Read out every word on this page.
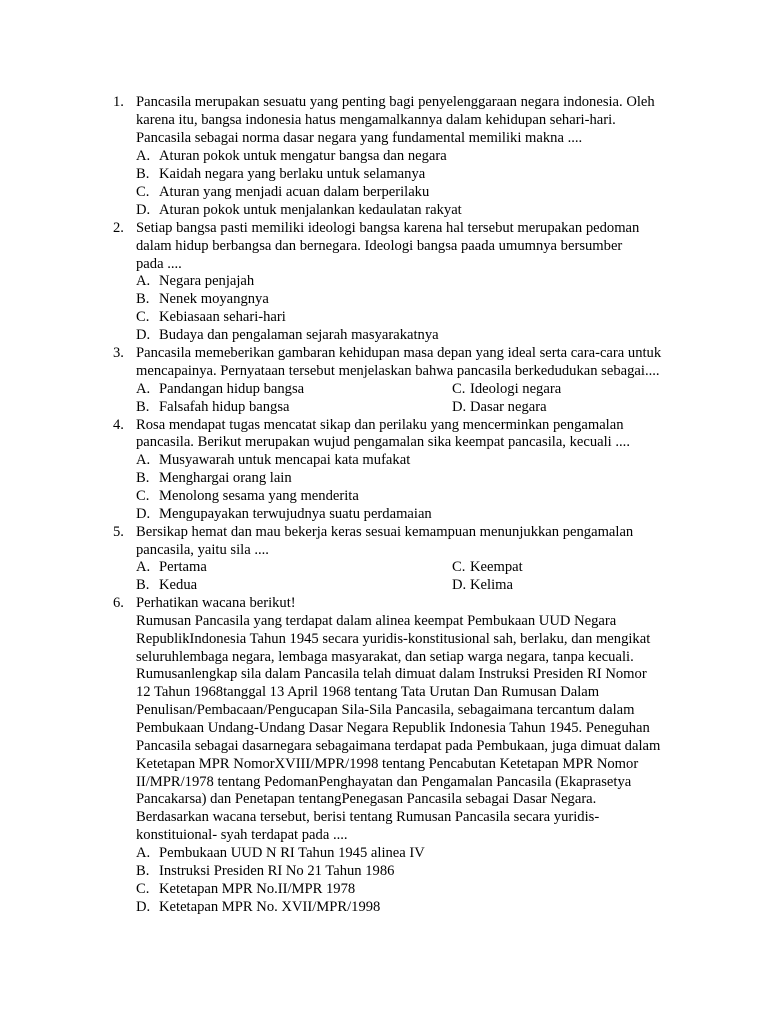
1. Pancasila merupakan sesuatu yang penting bagi penyelenggaraan negara indonesia. Oleh
karena itu, bangsa indonesia hatus mengamalkannya dalam kehidupan sehari-hari.
Pancasila sebagai norma dasar negara yang fundamental memiliki makna ....
A. Aturan pokok untuk mengatur bangsa dan negara
B. Kaidah negara yang berlaku untuk selamanya
C. Aturan yang menjadi acuan dalam berperilaku
D. Aturan pokok untuk menjalankan kedaulatan rakyat
2. Setiap bangsa pasti memiliki ideologi bangsa karena hal tersebut merupakan pedoman
dalam hidup berbangsa dan bernegara. Ideologi bangsa paada umumnya bersumber
pada ....
A. Negara penjajah
B. Nenek moyangnya
C. Kebiasaan sehari-hari
D. Budaya dan pengalaman sejarah masyarakatnya
3. Pancasila memeberikan gambaran kehidupan masa depan yang ideal serta cara-cara untuk
mencapainya. Pernyataan tersebut menjelaskan bahwa pancasila berkedudukan sebagai....
A. Pandangan hidup bangsa	C. Ideologi negara
B. Falsafah hidup bangsa	D. Dasar negara
4. Rosa mendapat tugas mencatat sikap dan perilaku yang mencerminkan pengamalan
pancasila. Berikut merupakan wujud pengamalan sika keempat pancasila, kecuali ....
A. Musyawarah untuk mencapai kata mufakat
B. Menghargai orang lain
C. Menolong sesama yang menderita
D. Mengupayakan terwujudnya suatu perdamaian
5. Bersikap hemat dan mau bekerja keras sesuai kemampuan menunjukkan pengamalan
pancasila, yaitu sila ....
A. Pertama	C. Keempat
B. Kedua	D. Kelima
6. Perhatikan wacana berikut!
Rumusan Pancasila yang terdapat dalam alinea keempat Pembukaan UUD Negara
RepublikIndonesia Tahun 1945 secara yuridis-konstitusional sah, berlaku, dan mengikat
seluruhlembaga negara, lembaga masyarakat, dan setiap warga negara, tanpa kecuali.
Rumusanlengkap sila dalam Pancasila telah dimuat dalam Instruksi Presiden RI Nomor
12 Tahun 1968tanggal 13 April 1968 tentang Tata Urutan Dan Rumusan Dalam
Penulisan/Pembacaan/Pengucapan Sila-Sila Pancasila, sebagaimana tercantum dalam
Pembukaan Undang-Undang Dasar Negara Republik Indonesia Tahun 1945. Peneguhan
Pancasila sebagai dasarnegara sebagaimana terdapat pada Pembukaan, juga dimuat dalam
Ketetapan MPR NomorXVIII/MPR/1998 tentang Pencabutan Ketetapan MPR Nomor
II/MPR/1978 tentang PedomanPenghayatan dan Pengamalan Pancasila (Ekaprasetya
Pancakarsa) dan Penetapan tentangPenegasan Pancasila sebagai Dasar Negara.
Berdasarkan wacana tersebut, berisi tentang Rumusan Pancasila secara yuridis-
konstituional- syah terdapat pada ....
A. Pembukaan UUD N RI Tahun 1945 alinea IV
B. Instruksi Presiden RI No 21 Tahun 1986
C. Ketetapan MPR No.II/MPR 1978
D. Ketetapan MPR No. XVII/MPR/1998
